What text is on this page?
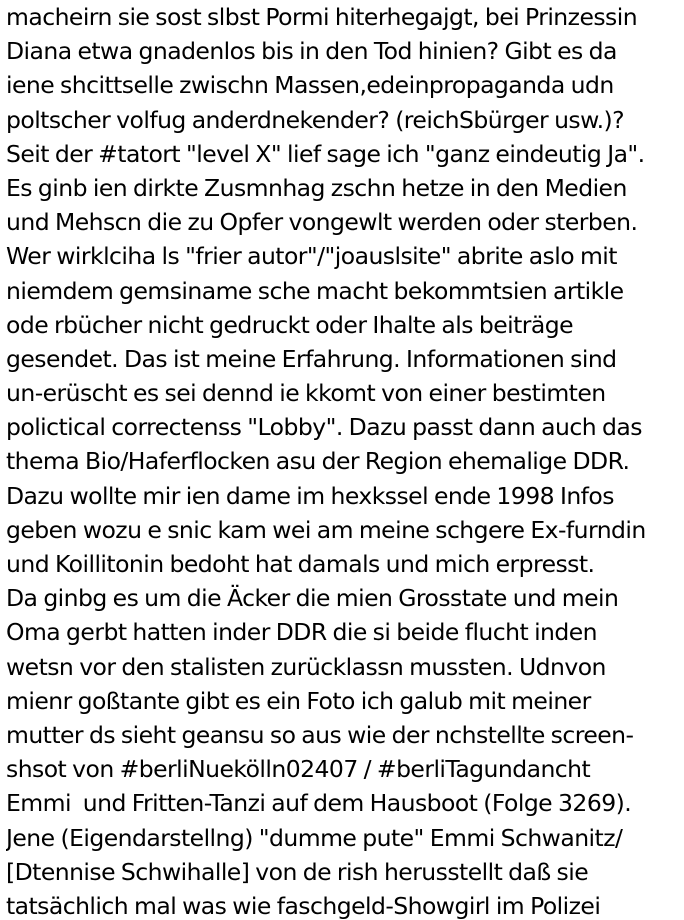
macheirn sie sost slbst Pormi hiterhegajgt, bei Prinzessin
Diana etwa gnadenlos bis in den Tod hinien? Gibt es da
iene shcittselle zwischn Massen,edeinpropaganda udn
poltscher volfug anderdnekender? (reichSbürger usw.)?
Seit der #tatort "level X" lief sage ich "ganz eindeutig Ja".
Es ginb ien dirkte Zusmnhag zschn hetze in den Medien
und Mehscn die zu Opfer vongewlt werden oder sterben.
Wer wirklciha ls "frier autor"/"joauslsite" abrite aslo mit
niemdem gemsiname sche macht bekommtsien artikle
ode rbücher nicht gedruckt oder Ihalte als beiträge
gesendet. Das ist meine Erfahrung. Informationen sind
un-erüscht es sei dennd ie kkomt von einer bestimten
polictical correctenss "Lobby". Dazu passt dann auch das
thema Bio/Haferflocken asu der Region ehemalige DDR.
Dazu wollte mir ien dame im hexkssel ende 1998 Infos
geben wozu e snic kam wei am meine schgere Ex-furndin
und Koillitonin bedoht hat damals und mich erpresst.
Da ginbg es um die Äcker die mien Grosstate und mein
Oma gerbt hatten inder DDR die si beide flucht inden
wetsn vor den stalisten zurücklassn mussten. Udnvon
mienr goßtante gibt es ein Foto ich galub mit meiner
mutter ds sieht geansu so aus wie der nchstellte screen-
shsot von #berliNuekölln02407 / #berliTagundancht
Emmi  und Fritten-Tanzi auf dem Hausboot (Folge 3269).
Jene (Eigendarstellng) "dumme pute" Emmi Schwanitz/
[Dtennise Schwihalle] von de rish herusstellt daß sie
tatsächlich mal was wie faschgeld-Showgirl im Polizei
